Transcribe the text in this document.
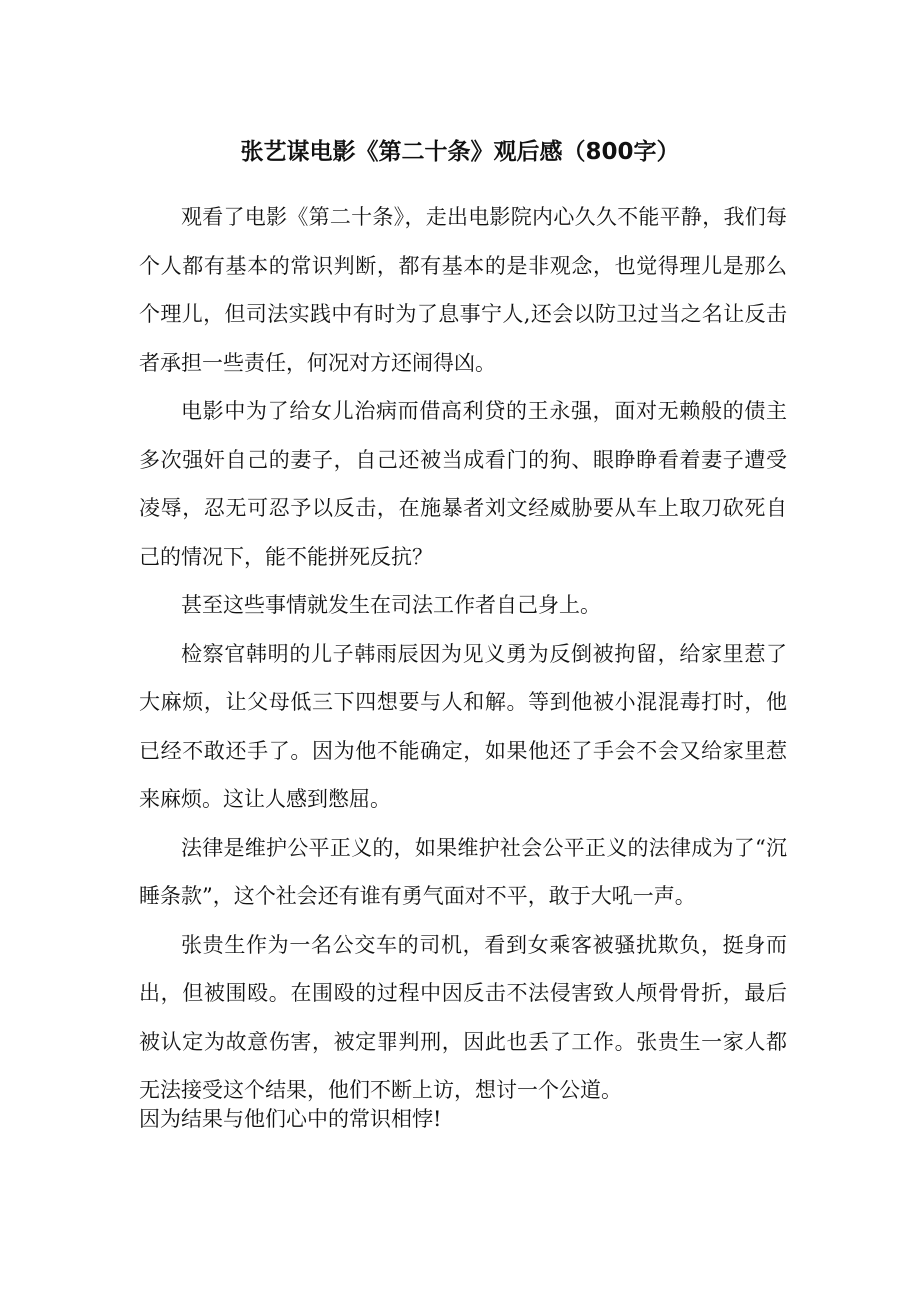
张艺谋电影《第二十条》观后感（800字）

观看了电影《第二十条》，走出电影院内心久久不能平静，我们每个人都有基本的常识判断，都有基本的是非观念，也觉得理儿是那么个理儿，但司法实践中有时为了息事宁人,还会以防卫过当之名让反击者承担一些责任，何况对方还闹得凶。

电影中为了给女儿治病而借高利贷的王永强，面对无赖般的债主多次强奸自己的妻子，自己还被当成看门的狗、眼睁睁看着妻子遭受凌辱，忍无可忍予以反击，在施暴者刘文经威胁要从车上取刀砍死自己的情况下，能不能拼死反抗？

甚至这些事情就发生在司法工作者自己身上。

检察官韩明的儿子韩雨辰因为见义勇为反倒被拘留，给家里惹了大麻烦，让父母低三下四想要与人和解。等到他被小混混毒打时，他已经不敢还手了。因为他不能确定，如果他还了手会不会又给家里惹来麻烦。这让人感到憋屈。

法律是维护公平正义的，如果维护社会公平正义的法律成为了“沉睡条款”，这个社会还有谁有勇气面对不平，敢于大吼一声。

张贵生作为一名公交车的司机，看到女乘客被骚扰欺负，挺身而出，但被围殴。在围殴的过程中因反击不法侵害致人颅骨骨折，最后被认定为故意伤害，被定罪判刑，因此也丢了工作。张贵生一家人都无法接受这个结果，他们不断上访，想讨一个公道。

因为结果与他们心中的常识相悖!
